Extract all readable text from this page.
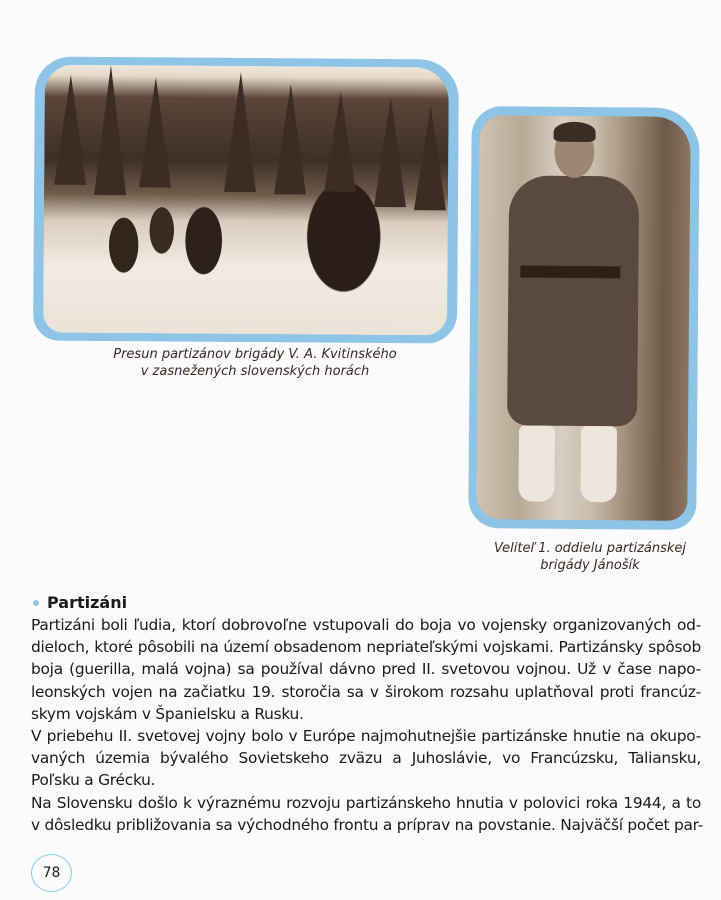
Presun partizánov brigády V. A. Kvitinského
v zasnežených slovenských horách
Veliteľ 1. oddielu partizánskej
brigády Jánošík
Partizáni
Partizáni boli ľudia, ktorí dobrovoľne vstupovali do boja vo vojensky organizovaných od-
dieloch, ktoré pôsobili na území obsadenom nepriateľskými vojskami. Partizánsky spôsob
boja (guerilla, malá vojna) sa používal dávno pred II. svetovou vojnou. Už v čase napo-
leonských vojen na začiatku 19. storočia sa v širokom rozsahu uplatňoval proti francúz-
skym vojskám v Španielsku a Rusku.
V priebehu II. svetovej vojny bolo v Európe najmohutnejšie partizánske hnutie na okupo-
vaných územia bývalého Sovietskeho zväzu a Juhoslávie, vo Francúzsku, Taliansku,
Poľsku a Grécku.
Na Slovensku došlo k výraznému rozvoju partizánskeho hnutia v polovici roka 1944, a to
v dôsledku približovania sa východného frontu a príprav na povstanie. Najväčší počet par-
78
